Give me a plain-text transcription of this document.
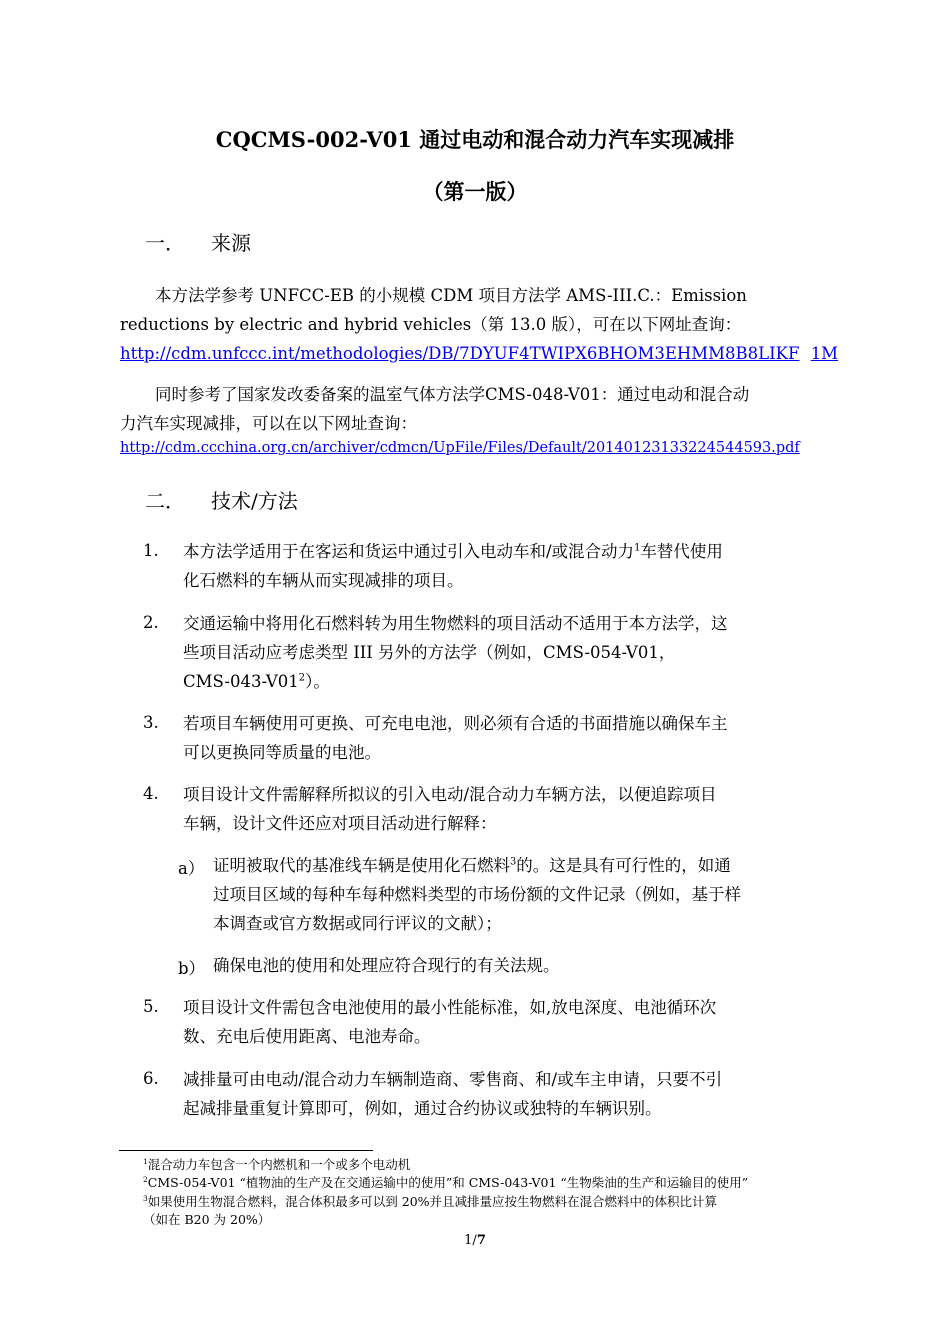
CQCMS-002-V01 通过电动和混合动力汽车实现减排
（第一版）
一． 来源
本方法学参考 UNFCC-EB 的小规模 CDM 项目方法学 AMS-III.C.：Emission
reductions by electric and hybrid vehicles（第 13.0 版），可在以下网址查询：
http://cdm.unfccc.int/methodologies/DB/7DYUF4TWIPX6BHOM3EHMM8B8LIKF 1M
同时参考了国家发改委备案的温室气体方法学CMS-048-V01：通过电动和混合动
力汽车实现减排，可以在以下网址查询：
http://cdm.ccchina.org.cn/archiver/cdmcn/UpFile/Files/Default/20140123133224544593.pdf
二． 技术/方法
1. 本方法学适用于在客运和货运中通过引入电动车和/或混合动力$^1$车替代使用
化石燃料的车辆从而实现减排的项目。
2. 交通运输中将用化石燃料转为用生物燃料的项目活动不适用于本方法学，这
些项目活动应考虑类型 III 另外的方法学（例如，CMS-054-V01，
CMS-$043-V01^2$）。
3. 若项目车辆使用可更换、可充电电池，则必须有合适的书面措施以确保车主
可以更换同等质量的电池。
4. 项目设计文件需解释所拟议的引入电动/混合动力车辆方法，以便追踪项目
车辆，设计文件还应对项目活动进行解释：
a） 证明被取代的基准线车辆是使用化石燃料$^3$的。这是具有可行性的，如通
过项目区域的每种车每种燃料类型的市场份额的文件记录（例如，基于样
本调查或官方数据或同行评议的文献）；
b） 确保电池的使用和处理应符合现行的有关法规。
5. 项目设计文件需包含电池使用的最小性能标准，如,放电深度、电池循环次
数、充电后使用距离、电池寿命。
6. 减排量可由电动/混合动力车辆制造商、零售商、和/或车主申请，只要不引
起减排量重复计算即可，例如，通过合约协议或独特的车辆识别。
$^1$混合动力车包含一个内燃机和一个或多个电动机
$^2$CMS-054-V01 “植物油的生产及在交通运输中的使用”和 CMS-043-V01 “生物柴油的生产和运输目的使用”
$^3$如果使用生物混合燃料，混合体积最多可以到 20%并且减排量应按生物燃料在混合燃料中的体积比计算
（如在 B20 为 20%）
1/7
